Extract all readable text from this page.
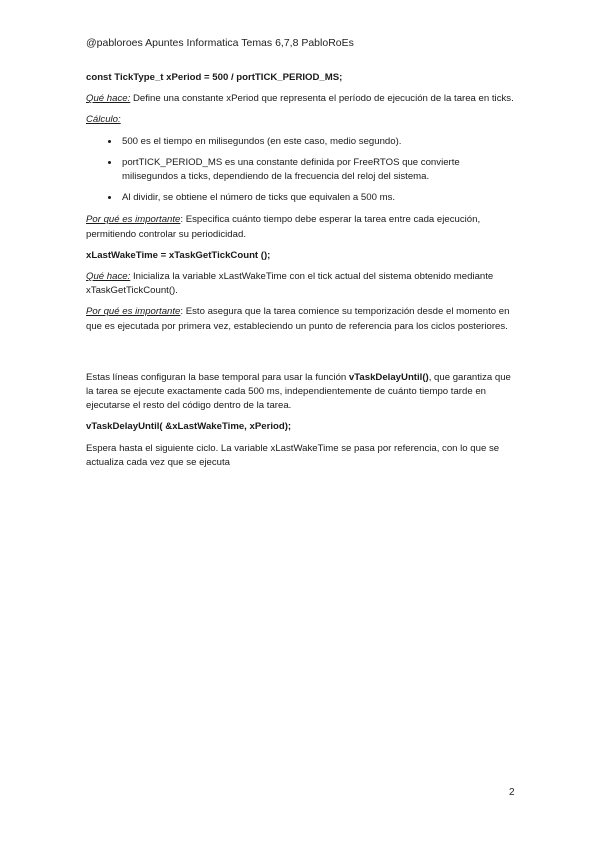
@pabloroes Apuntes Informatica Temas 6,7,8 PabloRoEs

const TickType_t xPeriod = 500 / portTICK_PERIOD_MS;

Qué hace: Define una constante xPeriod que representa el período de ejecución de la tarea en ticks.

Cálculo:

• 500 es el tiempo en milisegundos (en este caso, medio segundo).
• portTICK_PERIOD_MS es una constante definida por FreeRTOS que convierte milisegundos a ticks, dependiendo de la frecuencia del reloj del sistema.
• Al dividir, se obtiene el número de ticks que equivalen a 500 ms.

Por qué es importante: Especifica cuánto tiempo debe esperar la tarea entre cada ejecución, permitiendo controlar su periodicidad.

xLastWakeTime = xTaskGetTickCount ();

Qué hace: Inicializa la variable xLastWakeTime con el tick actual del sistema obtenido mediante xTaskGetTickCount().

Por qué es importante: Esto asegura que la tarea comience su temporización desde el momento en que es ejecutada por primera vez, estableciendo un punto de referencia para los ciclos posteriores.

Estas líneas configuran la base temporal para usar la función vTaskDelayUntil(), que garantiza que la tarea se ejecute exactamente cada 500 ms, independientemente de cuánto tiempo tarde en ejecutarse el resto del código dentro de la tarea.

vTaskDelayUntil( &xLastWakeTime, xPeriod);

Espera hasta el siguiente ciclo. La variable xLastWakeTime se pasa por referencia, con lo que se actualiza cada vez que se ejecuta

2
